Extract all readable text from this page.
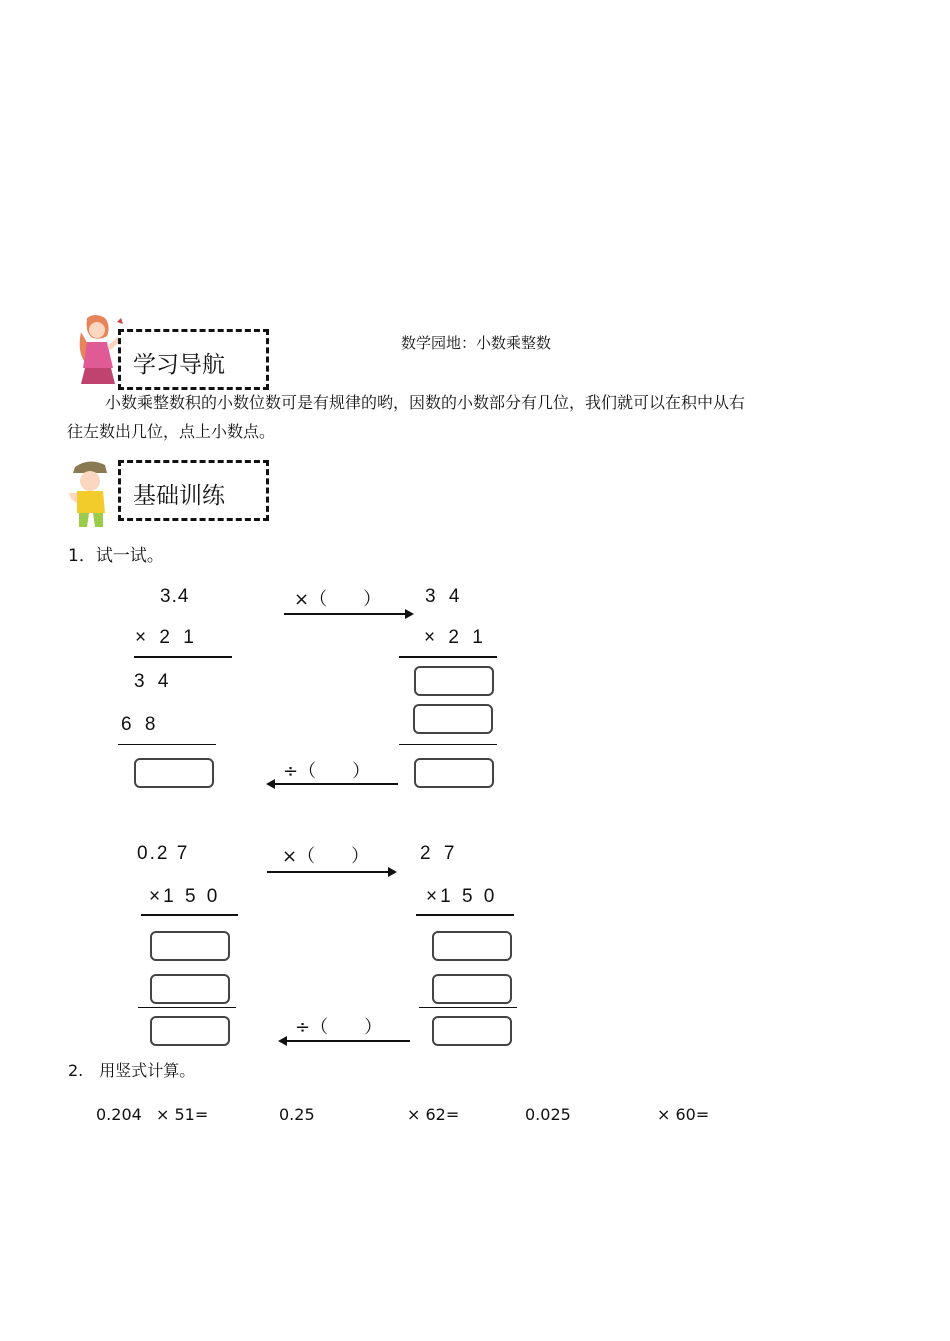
学习导航
数学园地：小数乘整数
小数乘整数积的小数位数可是有规律的哟，因数的小数部分有几位，我们就可以在积中从右
往左数出几位，点上小数点。
基础训练
1．试一试。
3.4
× 2 1
3 4
6 8
×（　　）
÷（　　）
3 4
× 2 1
0.2 7
×1 5 0
×（　　）
÷（　　）
2 7
×1 5 0
2.　用竖式计算。
0.204 × 51=	0.25	× 62=	0.025	× 60=
